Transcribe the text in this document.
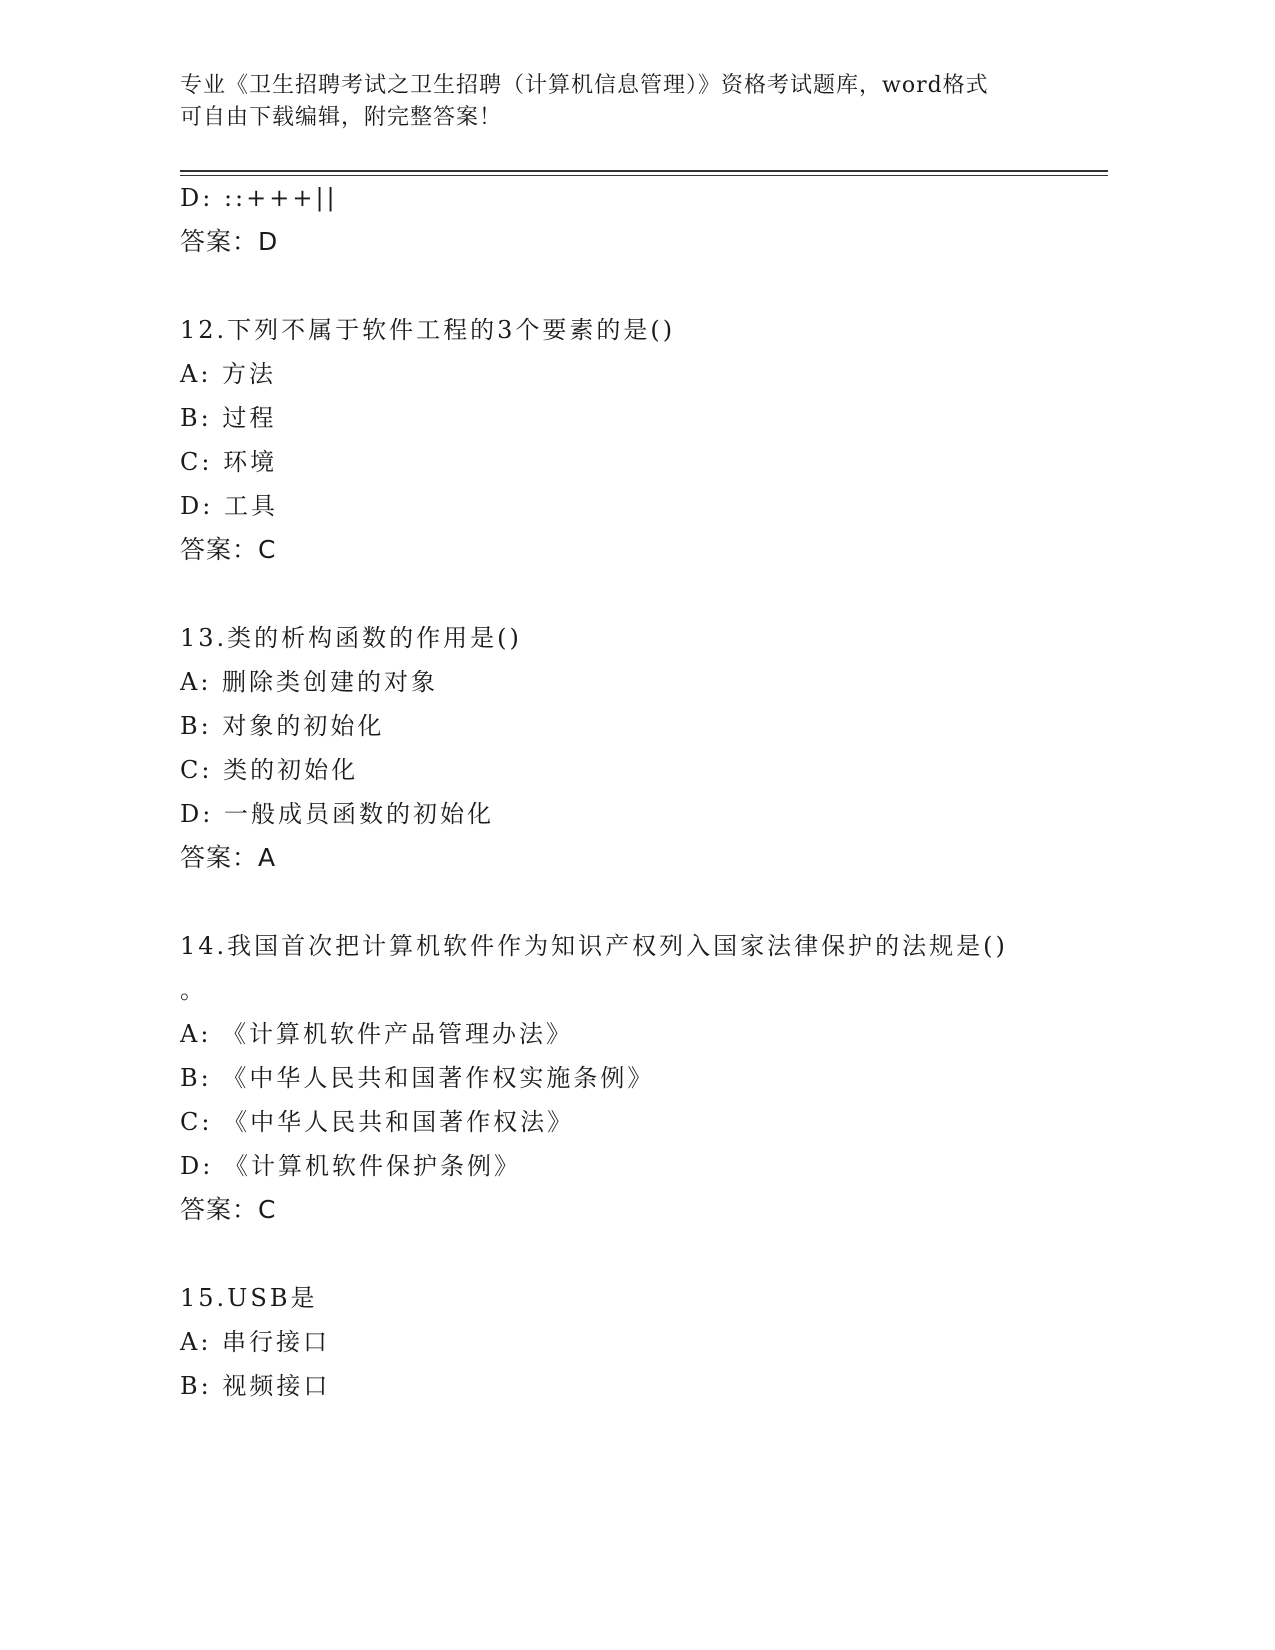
专业《卫生招聘考试之卫生招聘（计算机信息管理）》资格考试题库，word格式
可自由下载编辑，附完整答案！
D: ::+++||
答案：D
12.下列不属于软件工程的3个要素的是()
A: 方法
B: 过程
C: 环境
D: 工具
答案：C
13.类的析构函数的作用是()
A: 删除类创建的对象
B: 对象的初始化
C: 类的初始化
D: 一般成员函数的初始化
答案：A
14.我国首次把计算机软件作为知识产权列入国家法律保护的法规是()
。
A: 《计算机软件产品管理办法》
B: 《中华人民共和国著作权实施条例》
C: 《中华人民共和国著作权法》
D: 《计算机软件保护条例》
答案：C
15.USB是
A: 串行接口
B: 视频接口
